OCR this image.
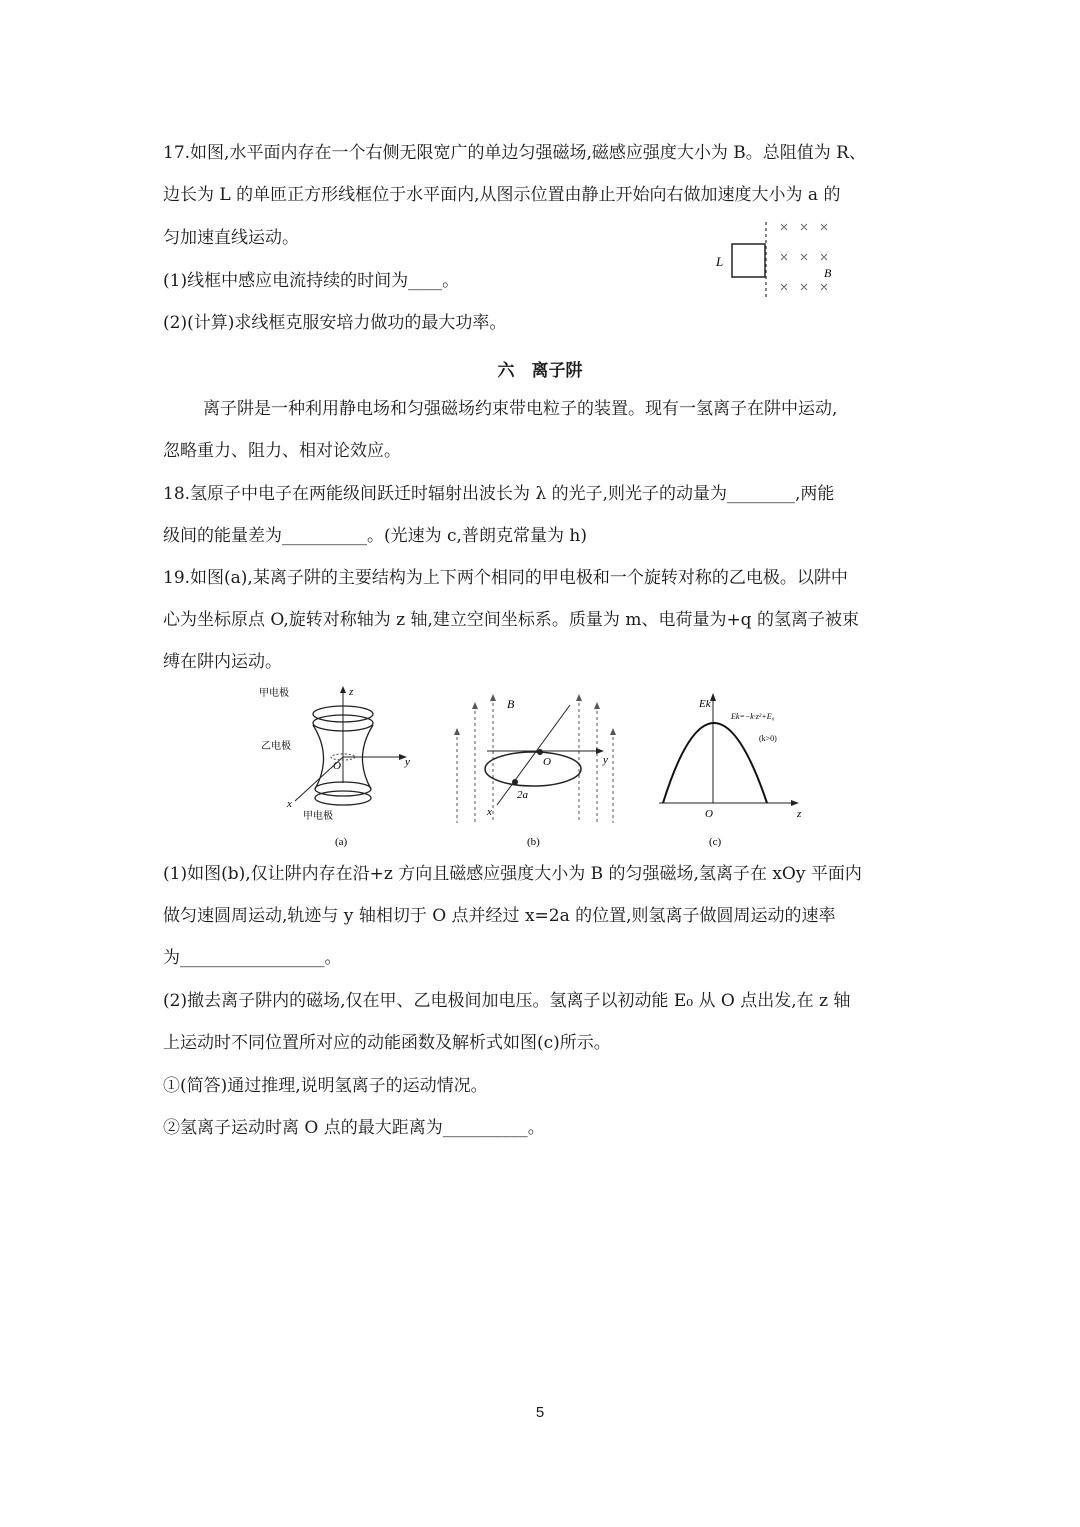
17.如图,水平面内存在一个右侧无限宽广的单边匀强磁场,磁感应强度大小为 B。总阻值为 R、
边长为 L 的单匝正方形线框位于水平面内,从图示位置由静止开始向右做加速度大小为 a 的
匀加速直线运动。
(1)线框中感应电流持续的时间为____。
(2)(计算)求线框克服安培力做功的最大功率。
L
B
六　离子阱
离子阱是一种利用静电场和匀强磁场约束带电粒子的装置。现有一氢离子在阱中运动,
忽略重力、阻力、相对论效应。
18.氢原子中电子在两能级间跃迁时辐射出波长为 λ 的光子,则光子的动量为________,两能
级间的能量差为__________。(光速为 c,普朗克常量为 h)
19.如图(a),某离子阱的主要结构为上下两个相同的甲电极和一个旋转对称的乙电极。以阱中
心为坐标原点 O,旋转对称轴为 z 轴,建立空间坐标系。质量为 m、电荷量为+q 的氢离子被束
缚在阱内运动。
甲电极
乙电极
甲电极
z
y
x
O
(a)
B
y
x
O
2a
(b)
Ek
z
O
Ek=−k·z²+E₀
(k>0)
(c)
(1)如图(b),仅让阱内存在沿+z 方向且磁感应强度大小为 B 的匀强磁场,氢离子在 xOy 平面内
做匀速圆周运动,轨迹与 y 轴相切于 O 点并经过 x=2a 的位置,则氢离子做圆周运动的速率
为_________________。
(2)撤去离子阱内的磁场,仅在甲、乙电极间加电压。氢离子以初动能 E₀ 从 O 点出发,在 z 轴
上运动时不同位置所对应的动能函数及解析式如图(c)所示。
①(简答)通过推理,说明氢离子的运动情况。
②氢离子运动时离 O 点的最大距离为__________。
5
